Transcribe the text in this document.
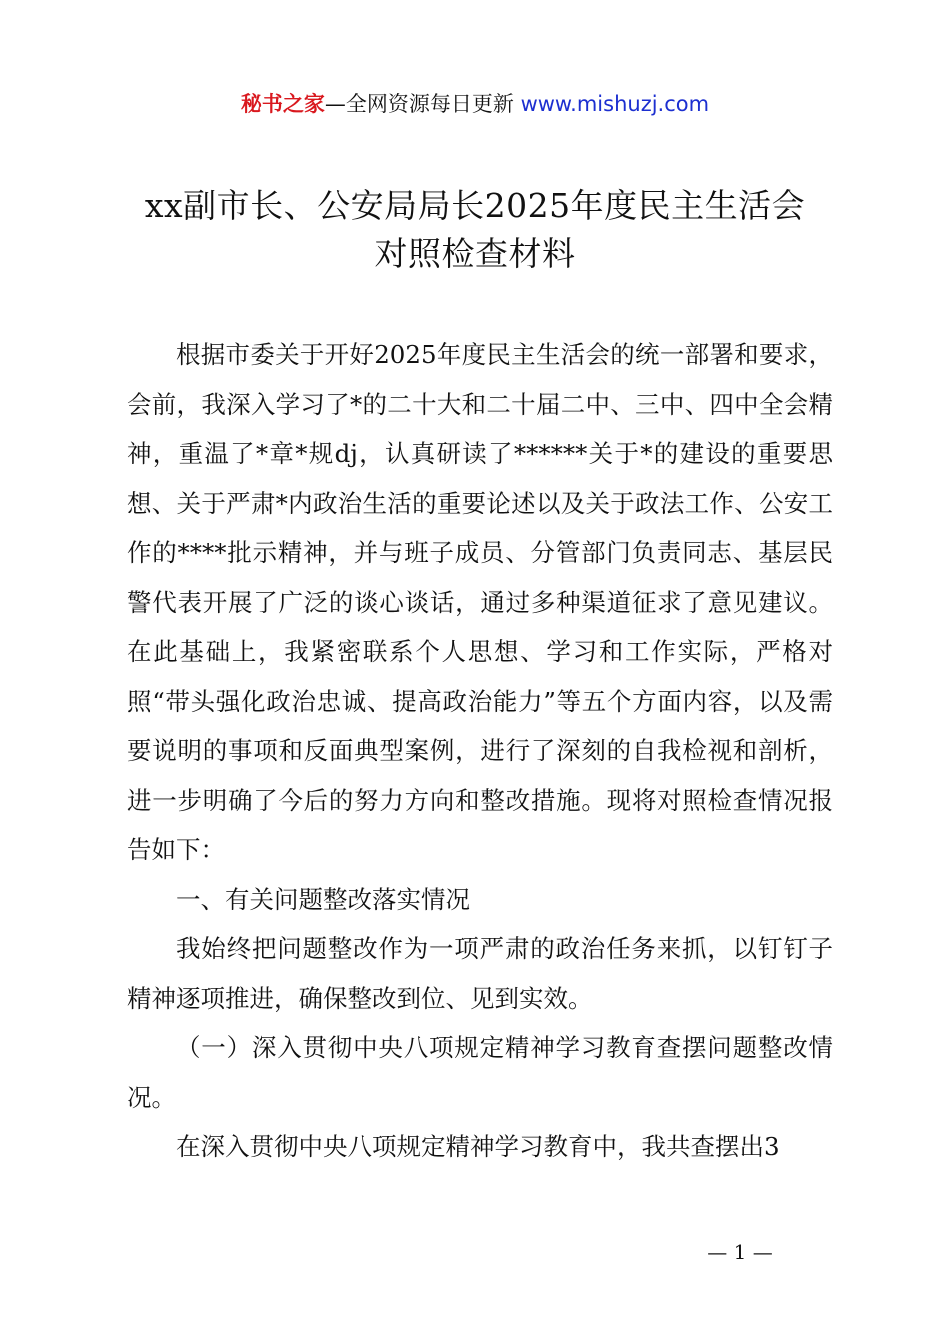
秘书之家—全网资源每日更新 www.mishuzj.com
xx副市长、公安局局长2025年度民主生活会
对照检查材料

根据市委关于开好2025年度民主生活会的统一部署和要求，会前，我深入学习了*的二十大和二十届二中、三中、四中全会精神，重温了*章*规dj，认真研读了******关于*的建设的重要思想、关于严肃*内政治生活的重要论述以及关于政法工作、公安工作的****批示精神，并与班子成员、分管部门负责同志、基层民警代表开展了广泛的谈心谈话，通过多种渠道征求了意见建议。在此基础上，我紧密联系个人思想、学习和工作实际，严格对照“带头强化政治忠诚、提高政治能力”等五个方面内容，以及需要说明的事项和反面典型案例，进行了深刻的自我检视和剖析，进一步明确了今后的努力方向和整改措施。现将对照检查情况报告如下：

一、有关问题整改落实情况

我始终把问题整改作为一项严肃的政治任务来抓，以钉钉子精神逐项推进，确保整改到位、见到实效。

（一）深入贯彻中央八项规定精神学习教育查摆问题整改情况。

在深入贯彻中央八项规定精神学习教育中，我共查摆出3

— 1 —
